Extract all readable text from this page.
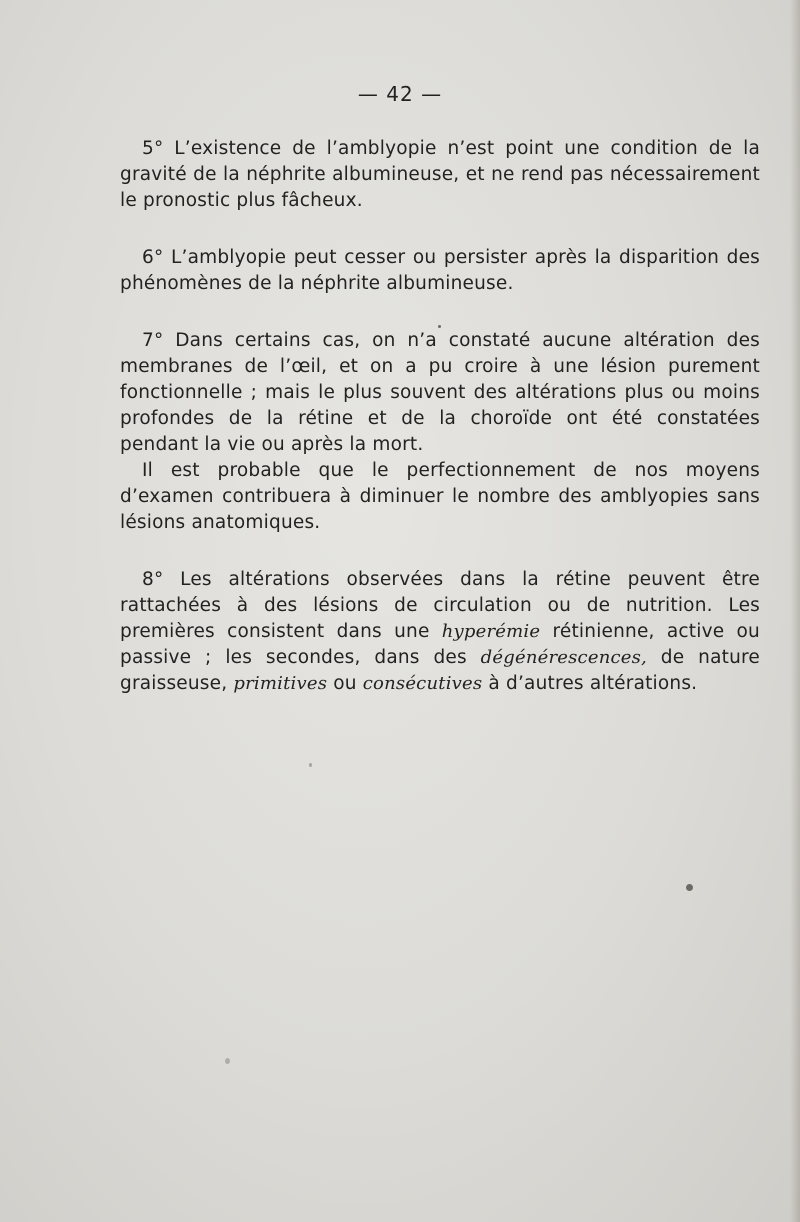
— 42 —

5° L’existence de l’amblyopie n’est point une condition de la gravité de la néphrite albumineuse, et ne rend pas nécessairement le pronostic plus fâcheux.

6° L’amblyopie peut cesser ou persister après la disparition des phénomènes de la néphrite albumineuse.

7° Dans certains cas, on n’a constaté aucune altération des membranes de l’œil, et on a pu croire à une lésion purement fonctionnelle ; mais le plus souvent des altérations plus ou moins profondes de la rétine et de la choroïde ont été constatées pendant la vie ou après la mort.

Il est probable que le perfectionnement de nos moyens d’examen contribuera à diminuer le nombre des amblyopies sans lésions anatomiques.

8° Les altérations observées dans la rétine peuvent être rattachées à des lésions de circulation ou de nutrition. Les premières consistent dans une hyperémie rétinienne, active ou passive ; les secondes, dans des dégénérescences, de nature graisseuse, primitives ou consécutives à d’autres altérations.
